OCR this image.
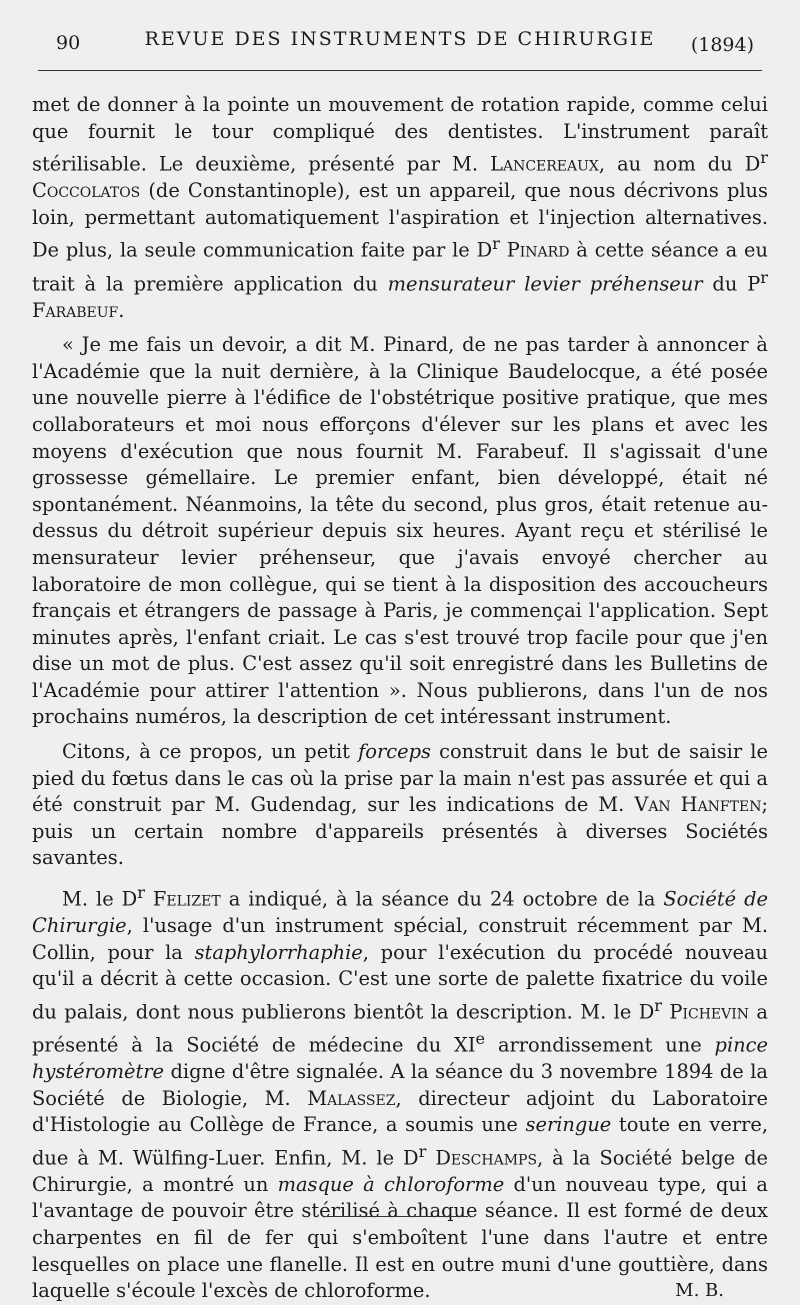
90	REVUE DES INSTRUMENTS DE CHIRURGIE	(1894)

met de donner à la pointe un mouvement de rotation rapide, comme celui que fournit le tour compliqué des dentistes. L'instrument paraît stérilisable. Le deuxième, présenté par M. Lancereaux, au nom du $D^r$ Coccolatos (de Constantinople), est un appareil, que nous décrivons plus loin, permettant automatiquement l'aspiration et l'injection alternatives. De plus, la seule communication faite par le $D^r$ Pinard à cette séance a eu trait à la première application du mensurateur levier préhenseur du $P^r$ Farabeuf.

« Je me fais un devoir, a dit M. Pinard, de ne pas tarder à annoncer à l'Académie que la nuit dernière, à la Clinique Baudelocque, a été posée une nouvelle pierre à l'édifice de l'obstétrique positive pratique, que mes collaborateurs et moi nous efforçons d'élever sur les plans et avec les moyens d'exécution que nous fournit M. Farabeuf. Il s'agissait d'une grossesse gémellaire. Le premier enfant, bien développé, était né spontanément. Néanmoins, la tête du second, plus gros, était retenue au-dessus du détroit supérieur depuis six heures. Ayant reçu et stérilisé le mensurateur levier préhenseur, que j'avais envoyé chercher au laboratoire de mon collègue, qui se tient à la disposition des accoucheurs français et étrangers de passage à Paris, je commençai l'application. Sept minutes après, l'enfant criait. Le cas s'est trouvé trop facile pour que j'en dise un mot de plus. C'est assez qu'il soit enregistré dans les Bulletins de l'Académie pour attirer l'attention ». Nous publierons, dans l'un de nos prochains numéros, la description de cet intéressant instrument.

Citons, à ce propos, un petit forceps construit dans le but de saisir le pied du fœtus dans le cas où la prise par la main n'est pas assurée et qui a été construit par M. Gudendag, sur les indications de M. Van Hanften; puis un certain nombre d'appareils présentés à diverses Sociétés savantes.

M. le $D^r$ Felizet a indiqué, à la séance du 24 octobre de la Société de Chirurgie, l'usage d'un instrument spécial, construit récemment par M. Collin, pour la staphylorrhaphie, pour l'exécution du procédé nouveau qu'il a décrit à cette occasion. C'est une sorte de palette fixatrice du voile du palais, dont nous publierons bientôt la description. M. le $D^r$ Pichevin a présenté à la Société de médecine du XIe arrondissement une pince hystéromètre digne d'être signalée. A la séance du 3 novembre 1894 de la Société de Biologie, M. Malassez, directeur adjoint du Laboratoire d'Histologie au Collège de France, a soumis une seringue toute en verre, due à M. Wülfing-Luer. Enfin, M. le $D^r$ Deschamps, à la Société belge de Chirurgie, a montré un masque à chloroforme d'un nouveau type, qui a l'avantage de pouvoir être stérilisé à chaque séance. Il est formé de deux charpentes en fil de fer qui s'emboîtent l'une dans l'autre et entre lesquelles on place une flanelle. Il est en outre muni d'une gouttière, dans laquelle s'écoule l'excès de chloroforme.	M. B.
